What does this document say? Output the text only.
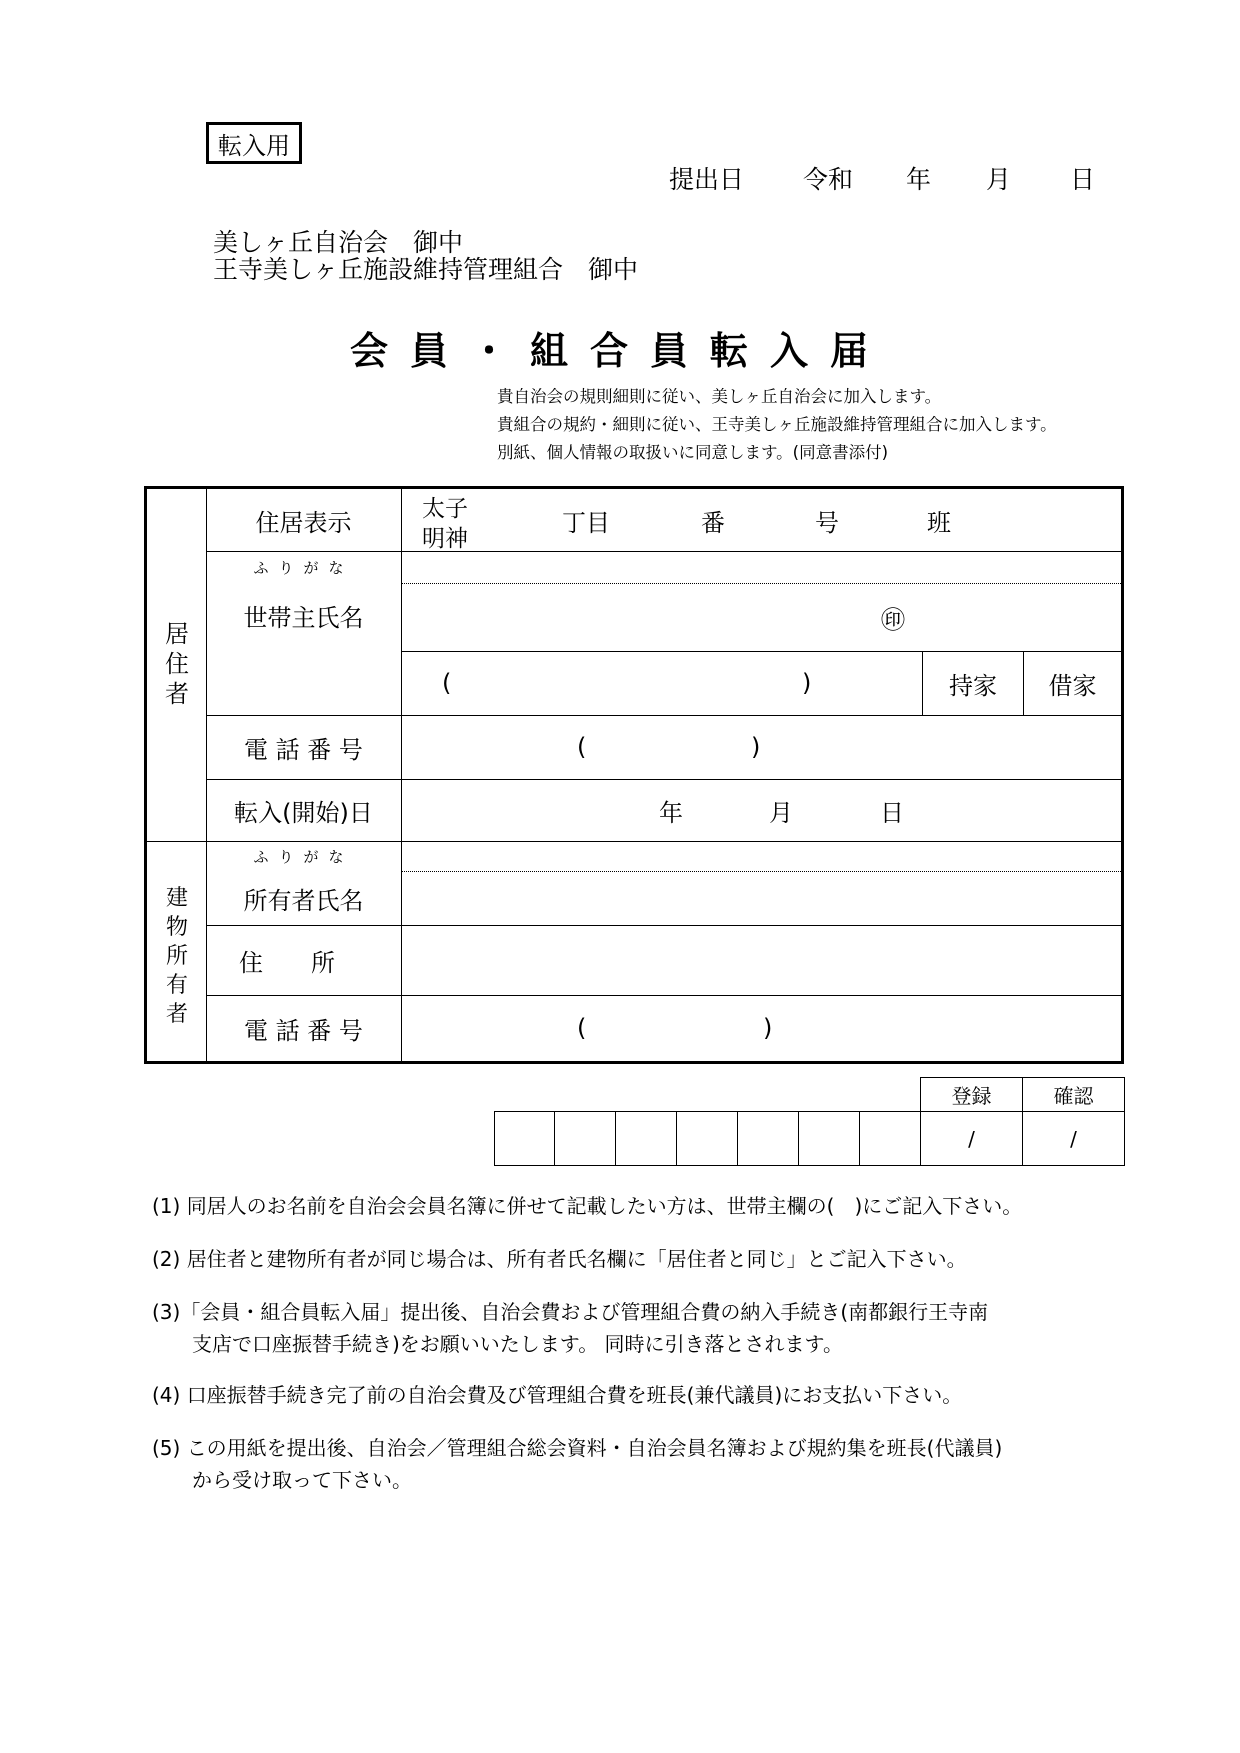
転入用
提出日 令和 年 月 日
美しヶ丘自治会　御中
王寺美しヶ丘施設維持管理組合　御中
会員・組合員転入届
貴自治会の規則細則に従い、美しヶ丘自治会に加入します。
貴組合の規約・細則に従い、王寺美しヶ丘施設維持管理組合に加入します。
別紙、個人情報の取扱いに同意します。(同意書添付)
居
住
者
住居表示	太子
明神
丁目	番	号	班
ふりがな
世帯主氏名	㊞
(	)	持家	借家
電 話 番 号	(	)
転入(開始)日	年	月	日
建
物
所
有
者
ふりがな
所有者氏名
住　　所
電 話 番 号	(	)
登録	確認
/	/
(1) 同居人のお名前を自治会会員名簿に併せて記載したい方は、世帯主欄の(　)にご記入下さい。
(2) 居住者と建物所有者が同じ場合は、所有者氏名欄に「居住者と同じ」とご記入下さい。
(3)「会員・組合員転入届」提出後、自治会費および管理組合費の納入手続き(南都銀行王寺南
　　支店で口座振替手続き)をお願いいたします。 同時に引き落とされます。
(4) 口座振替手続き完了前の自治会費及び管理組合費を班長(兼代議員)にお支払い下さい。
(5) この用紙を提出後、自治会／管理組合総会資料・自治会員名簿および規約集を班長(代議員)
　　から受け取って下さい。
